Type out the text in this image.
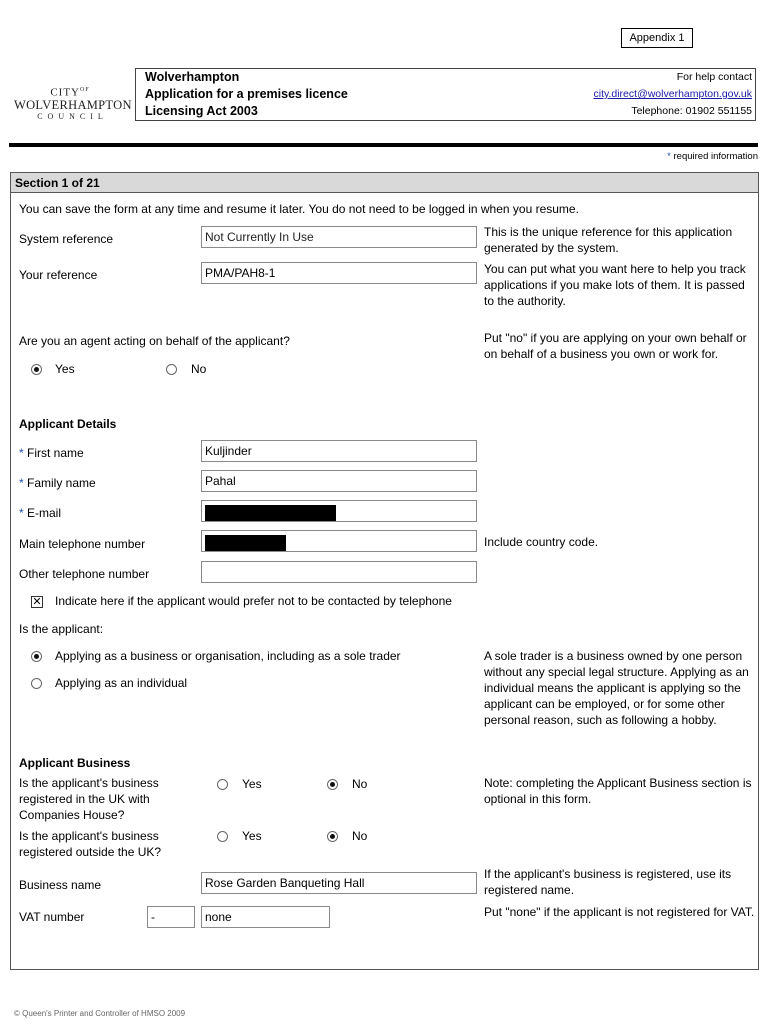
Appendix 1
$CITY^{OF}$
WOLVERHAMPTON
COUNCIL
Wolverhampton
Application for a premises licence
Licensing Act 2003
For help contact
city.direct@wolverhampton.gov.uk
Telephone: 01902 551155
* required information
Section 1 of 21
You can save the form at any time and resume it later. You do not need to be logged in when you resume.
System reference	Not Currently In Use	This is the unique reference for this application generated by the system.
Your reference	PMA/PAH8-1	You can put what you want here to help you track applications if you make lots of them. It is passed to the authority.
Are you an agent acting on behalf of the applicant?
Yes	No
Put "no" if you are applying on your own behalf or on behalf of a business you own or work for.
Applicant Details
* First name	Kuljinder
* Family name	Pahal
* E-mail
Main telephone number	Include country code.
Other telephone number
✕ Indicate here if the applicant would prefer not to be contacted by telephone
Is the applicant:
Applying as a business or organisation, including as a sole trader
Applying as an individual
A sole trader is a business owned by one person without any special legal structure. Applying as an individual means the applicant is applying so the applicant can be employed, or for some other personal reason, such as following a hobby.
Applicant Business
Is the applicant's business registered in the UK with Companies House?
Yes	No	Note: completing the Applicant Business section is optional in this form.
Is the applicant's business registered outside the UK?
Yes	No
Business name	Rose Garden Banqueting Hall
If the applicant's business is registered, use its registered name.
VAT number	-	none	Put "none" if the applicant is not registered for VAT.
© Queen's Printer and Controller of HMSO 2009
